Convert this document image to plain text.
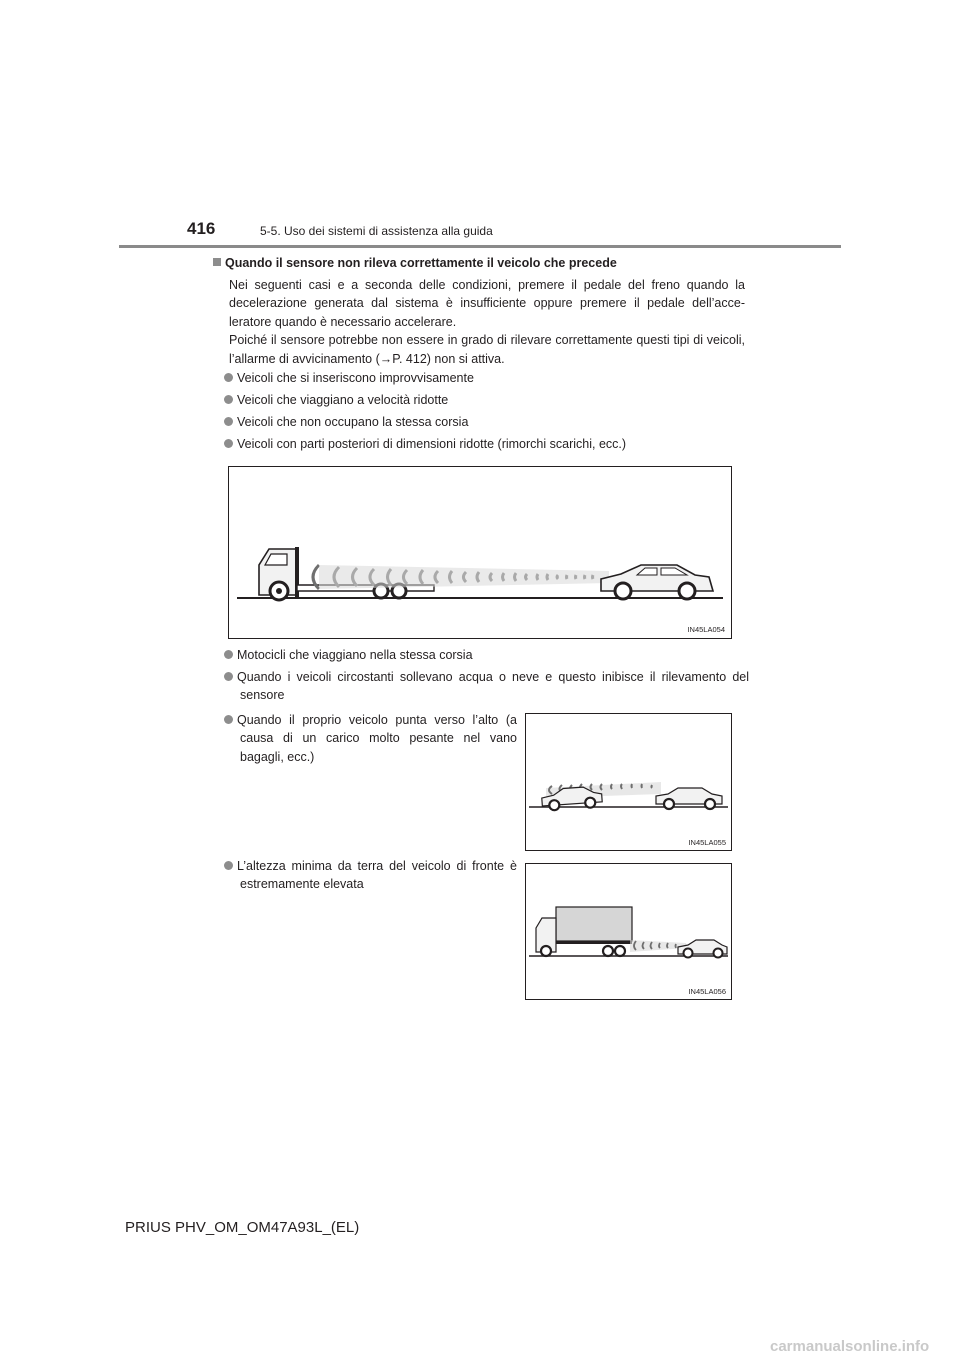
416	5-5. Uso dei sistemi di assistenza alla guida
Quando il sensore non rileva correttamente il veicolo che precede

Nei seguenti casi e a seconda delle condizioni, premere il pedale del freno quando la decelerazione generata dal sistema è insufficiente oppure premere il pedale dell’acce- leratore quando è necessario accelerare.

Poiché il sensore potrebbe non essere in grado di rilevare correttamente questi tipi di veicoli, l’allarme di avvicinamento (→P. 412) non si attiva.

Veicoli che si inseriscono improvvisamente
Veicoli che viaggiano a velocità ridotte
Veicoli che non occupano la stessa corsia
Veicoli con parti posteriori di dimensioni ridotte (rimorchi scarichi, ecc.)
IN45LA054
Motocicli che viaggiano nella stessa corsia
Quando i veicoli circostanti sollevano acqua o neve e questo inibisce il rilevamento del sensore
Quando il proprio veicolo punta verso l’alto (a causa di un carico molto pesante nel vano bagagli, ecc.)
IN45LA055
L’altezza minima da terra del veicolo di fronte è estremamente elevata
IN45LA056
PRIUS PHV_OM_OM47A93L_(EL)
carmanualsonline.info
